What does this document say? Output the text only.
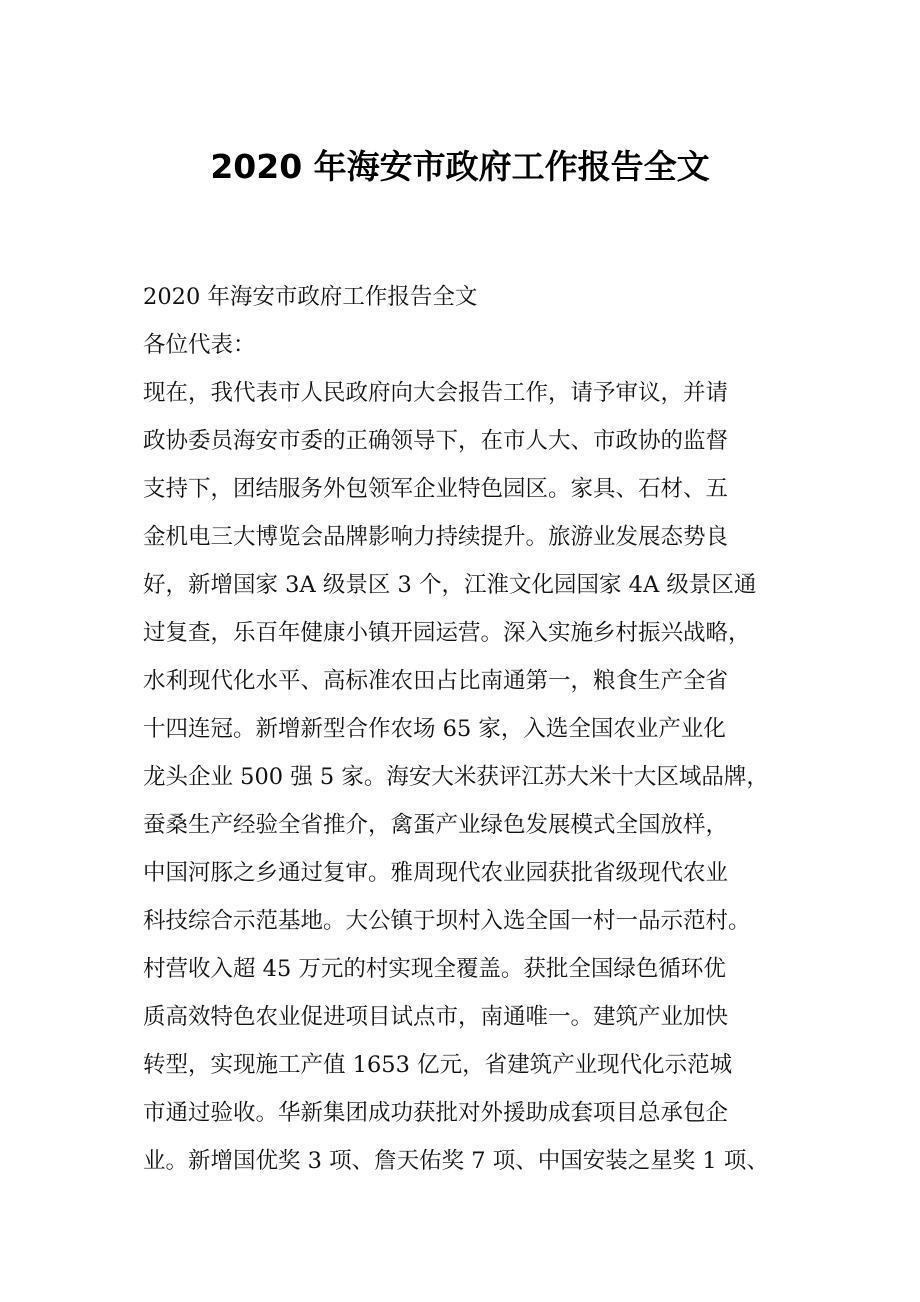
2020 年海安市政府工作报告全文
2020 年海安市政府工作报告全文
各位代表：
现在，我代表市人民政府向大会报告工作，请予审议，并请
政协委员海安市委的正确领导下，在市人大、市政协的监督
支持下，团结服务外包领军企业特色园区。家具、石材、五
金机电三大博览会品牌影响力持续提升。旅游业发展态势良
好，新增国家 3A 级景区 3 个，江淮文化园国家 4A 级景区通
过复查，乐百年健康小镇开园运营。深入实施乡村振兴战略，
水利现代化水平、高标准农田占比南通第一，粮食生产全省
十四连冠。新增新型合作农场 65 家，入选全国农业产业化
龙头企业 500 强 5 家。海安大米获评江苏大米十大区域品牌，
蚕桑生产经验全省推介，禽蛋产业绿色发展模式全国放样，
中国河豚之乡通过复审。雅周现代农业园获批省级现代农业
科技综合示范基地。大公镇于坝村入选全国一村一品示范村。
村营收入超 45 万元的村实现全覆盖。获批全国绿色循环优
质高效特色农业促进项目试点市，南通唯一。建筑产业加快
转型，实现施工产值 1653 亿元，省建筑产业现代化示范城
市通过验收。华新集团成功获批对外援助成套项目总承包企
业。新增国优奖 3 项、詹天佑奖 7 项、中国安装之星奖 1 项、
